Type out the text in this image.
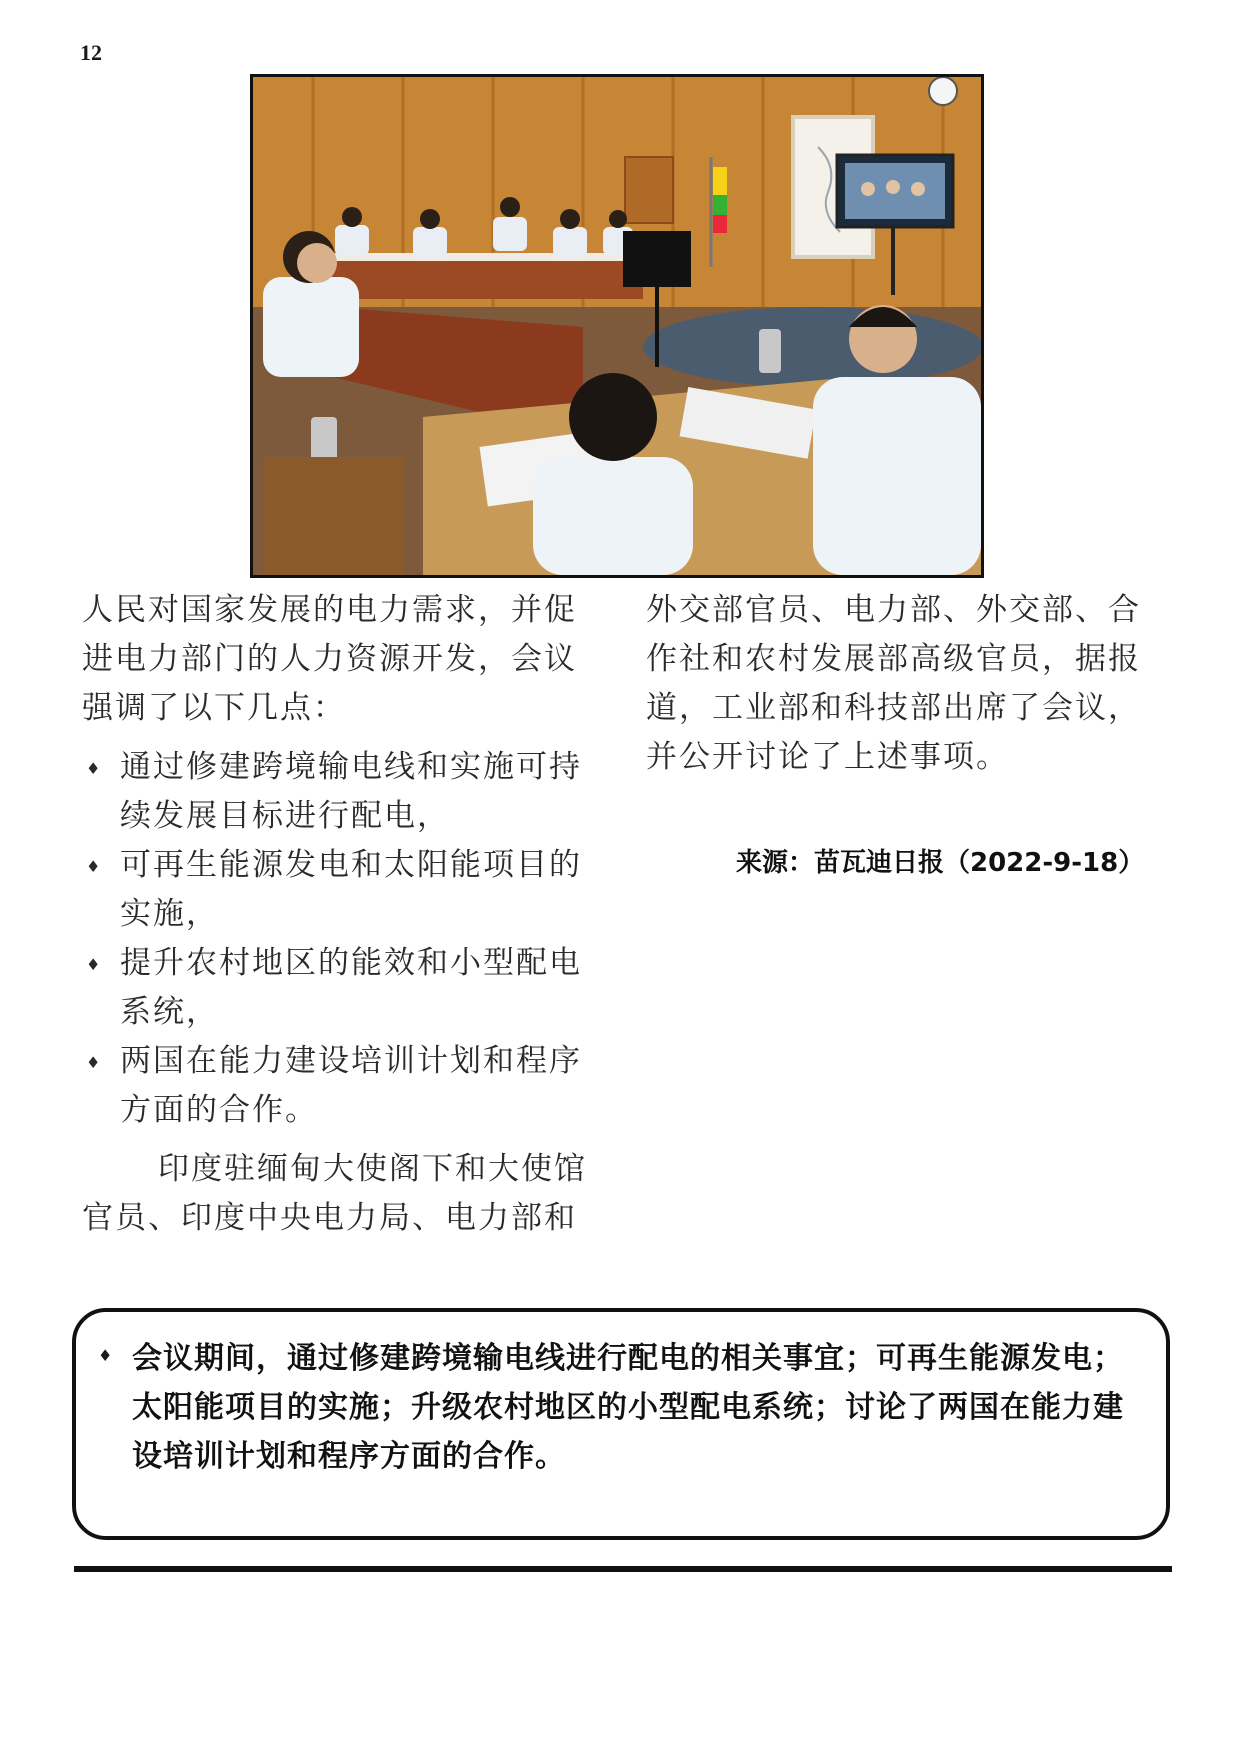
12

人民对国家发展的电力需求，并促进电力部门的人力资源开发，会议强调了以下几点：

♦ 通过修建跨境输电线和实施可持续发展目标进行配电，
♦ 可再生能源发电和太阳能项目的实施，
♦ 提升农村地区的能效和小型配电系统，
♦ 两国在能力建设培训计划和程序方面的合作。

印度驻缅甸大使阁下和大使馆官员、印度中央电力局、电力部和

外交部官员、电力部、外交部、合作社和农村发展部高级官员，据报道，工业部和科技部出席了会议，并公开讨论了上述事项。

来源：苗瓦迪日报（2022-9-18）
♦ 会议期间，通过修建跨境输电线进行配电的相关事宜；可再生能源发电；太阳能项目的实施；升级农村地区的小型配电系统；讨论了两国在能力建设培训计划和程序方面的合作。
